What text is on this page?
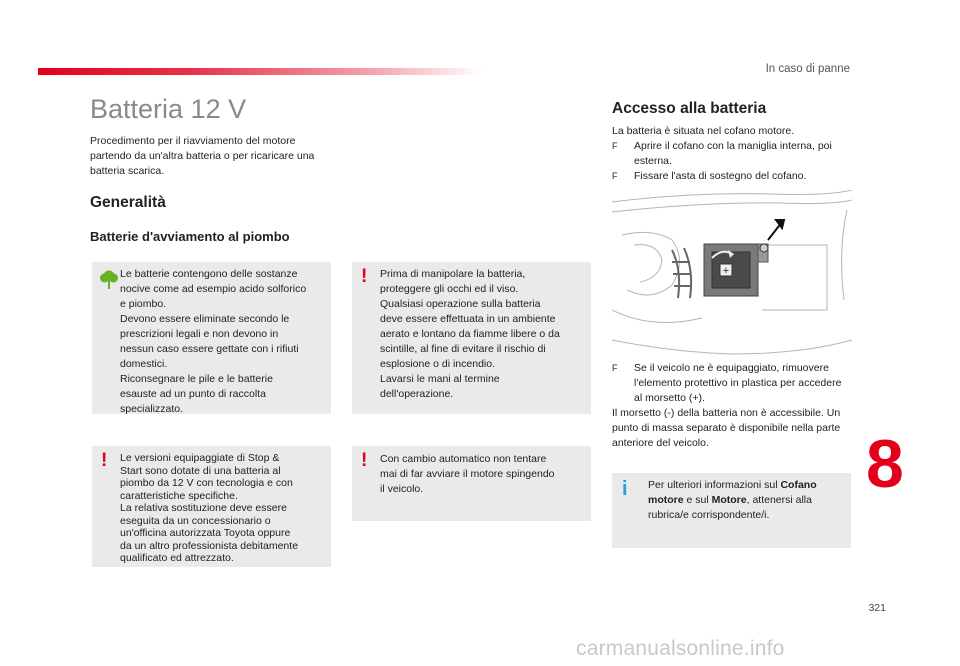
In caso di panne
Batteria 12 V
Procedimento per il riavviamento del motore partendo da un'altra batteria o per ricaricare una batteria scarica.
Generalità
Batterie d'avviamento al piombo
Le batterie contengono delle sostanze
nocive come ad esempio acido solforico
e piombo.
Devono essere eliminate secondo le
prescrizioni legali e non devono in
nessun caso essere gettate con i rifiuti
domestici.
Riconsegnare le pile e le batterie
esauste ad un punto di raccolta
specializzato.
! Le versioni equipaggiate di Stop &
Start sono dotate di una batteria al
piombo da 12 V con tecnologia e con
caratteristiche specifiche.
La relativa sostituzione deve essere
eseguita da un concessionario o
un'officina autorizzata Toyota oppure
da un altro professionista debitamente
qualificato ed attrezzato.
! Prima di manipolare la batteria,
proteggere gli occhi ed il viso.
Qualsiasi operazione sulla batteria
deve essere effettuata in un ambiente
aerato e lontano da fiamme libere o da
scintille, al fine di evitare il rischio di
esplosione o di incendio.
Lavarsi le mani al termine
dell'operazione.
! Con cambio automatico non tentare
mai di far avviare il motore spingendo
il veicolo.
Accesso alla batteria
La batteria è situata nel cofano motore.
F Aprire il cofano con la maniglia interna, poi esterna.
F Fissare l'asta di sostegno del cofano.
+
F Se il veicolo ne è equipaggiato, rimuovere l'elemento protettivo in plastica per accedere al morsetto (+).
Il morsetto (-) della batteria non è accessibile. Un punto di massa separato è disponibile nella parte anteriore del veicolo.
i Per ulteriori informazioni sul Cofano motore e sul Motore, attenersi alla rubrica/e corrispondente/i.
8
321
carmanualsonline.info
